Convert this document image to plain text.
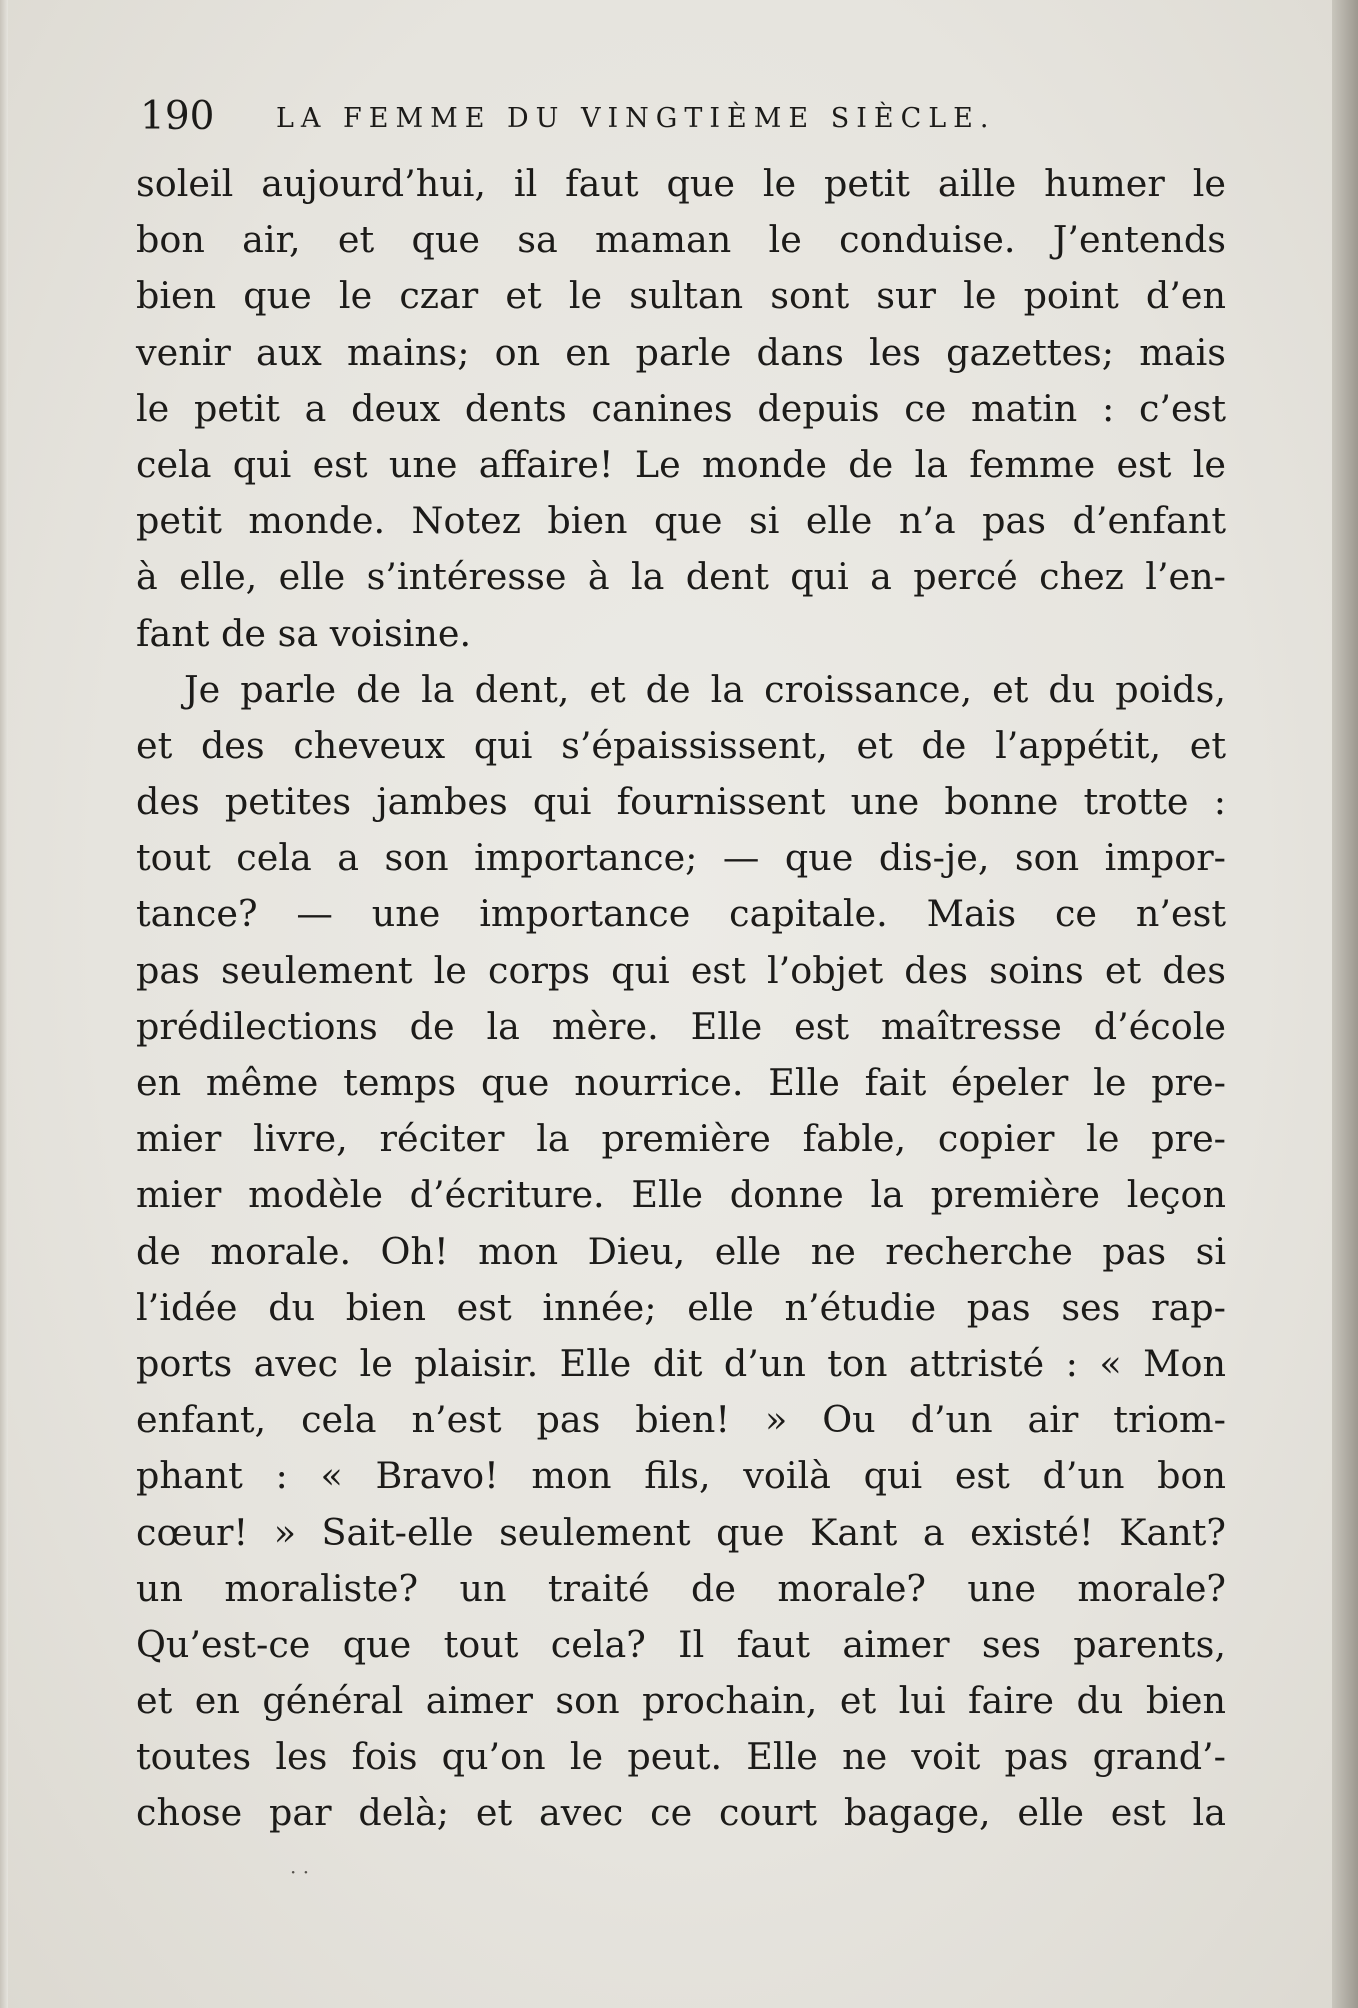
190 LA FEMME DU VINGTIÈME SIÈCLE.
soleil aujourd’hui, il faut que le petit aille humer le
bon air, et que sa maman le conduise. J’entends
bien que le czar et le sultan sont sur le point d’en
venir aux mains; on en parle dans les gazettes; mais
le petit a deux dents canines depuis ce matin : c’est
cela qui est une affaire! Le monde de la femme est le
petit monde. Notez bien que si elle n’a pas d’enfant
à elle, elle s’intéresse à la dent qui a percé chez l’en-
fant de sa voisine.
Je parle de la dent, et de la croissance, et du poids,
et des cheveux qui s’épaississent, et de l’appétit, et
des petites jambes qui fournissent une bonne trotte :
tout cela a son importance; — que dis-je, son impor-
tance? — une importance capitale. Mais ce n’est
pas seulement le corps qui est l’objet des soins et des
prédilections de la mère. Elle est maîtresse d’école
en même temps que nourrice. Elle fait épeler le pre-
mier livre, réciter la première fable, copier le pre-
mier modèle d’écriture. Elle donne la première leçon
de morale. Oh! mon Dieu, elle ne recherche pas si
l’idée du bien est innée; elle n’étudie pas ses rap-
ports avec le plaisir. Elle dit d’un ton attristé : « Mon
enfant, cela n’est pas bien! » Ou d’un air triom-
phant : « Bravo! mon fils, voilà qui est d’un bon
cœur! » Sait-elle seulement que Kant a existé! Kant?
un moraliste? un traité de morale? une morale?
Qu’est-ce que tout cela? Il faut aimer ses parents,
et en général aimer son prochain, et lui faire du bien
toutes les fois qu’on le peut. Elle ne voit pas grand’-
chose par delà; et avec ce court bagage, elle est la
· ·
